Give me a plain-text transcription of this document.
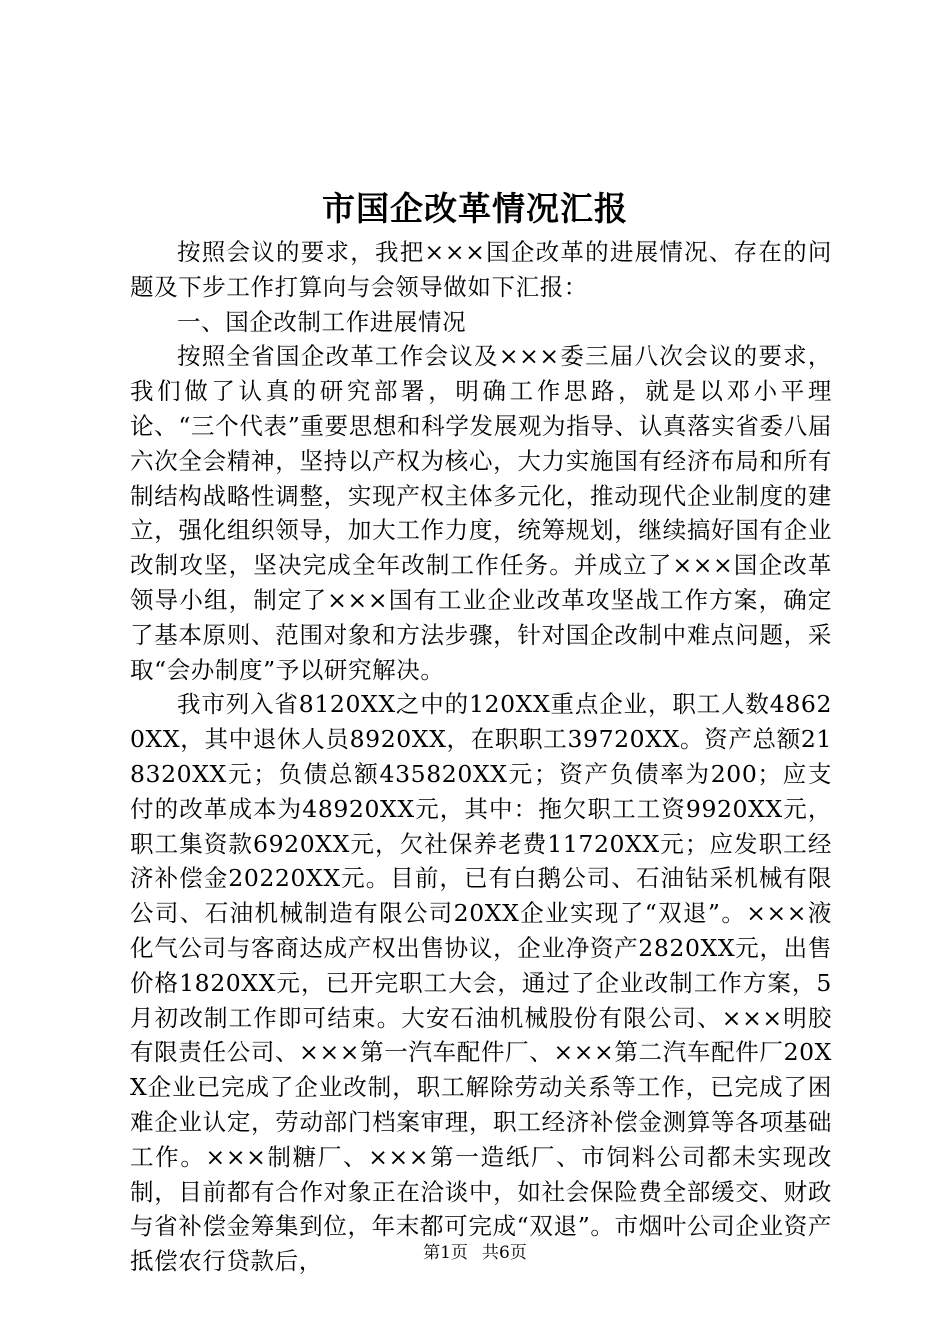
市国企改革情况汇报

按照会议的要求，我把×××国企改革的进展情况、存在的问题及下步工作打算向与会领导做如下汇报：

一、国企改制工作进展情况

按照全省国企改革工作会议及×××委三届八次会议的要求，我们做了认真的研究部署，明确工作思路，就是以邓小平理论、“三个代表”重要思想和科学发展观为指导、认真落实省委八届六次全会精神，坚持以产权为核心，大力实施国有经济布局和所有制结构战略性调整，实现产权主体多元化，推动现代企业制度的建立，强化组织领导，加大工作力度，统筹规划，继续搞好国有企业改制攻坚，坚决完成全年改制工作任务。并成立了×××国企改革领导小组，制定了×××国有工业企业改革攻坚战工作方案，确定了基本原则、范围对象和方法步骤，针对国企改制中难点问题，采取“会办制度”予以研究解决。

我市列入省8120XX之中的120XX重点企业，职工人数48620XX，其中退休人员8920XX，在职职工39720XX。资产总额218320XX元；负债总额435820XX元；资产负债率为200；应支付的改革成本为48920XX元，其中：拖欠职工工资9920XX元，职工集资款6920XX元，欠社保养老费11720XX元；应发职工经济补偿金20220XX元。目前，已有白鹅公司、石油钻采机械有限公司、石油机械制造有限公司20XX企业实现了“双退”。×××液化气公司与客商达成产权出售协议，企业净资产2820XX元，出售价格1820XX元，已开完职工大会，通过了企业改制工作方案，5月初改制工作即可结束。大安石油机械股份有限公司、×××明胶有限责任公司、×××第一汽车配件厂、×××第二汽车配件厂20XX企业已完成了企业改制，职工解除劳动关系等工作，已完成了困难企业认定，劳动部门档案审理，职工经济补偿金测算等各项基础工作。×××制糖厂、×××第一造纸厂、市饲料公司都未实现改制，目前都有合作对象正在洽谈中，如社会保险费全部缓交、财政与省补偿金筹集到位，年末都可完成“双退”。市烟叶公司企业资产抵偿农行贷款后，	第1页 共6页
